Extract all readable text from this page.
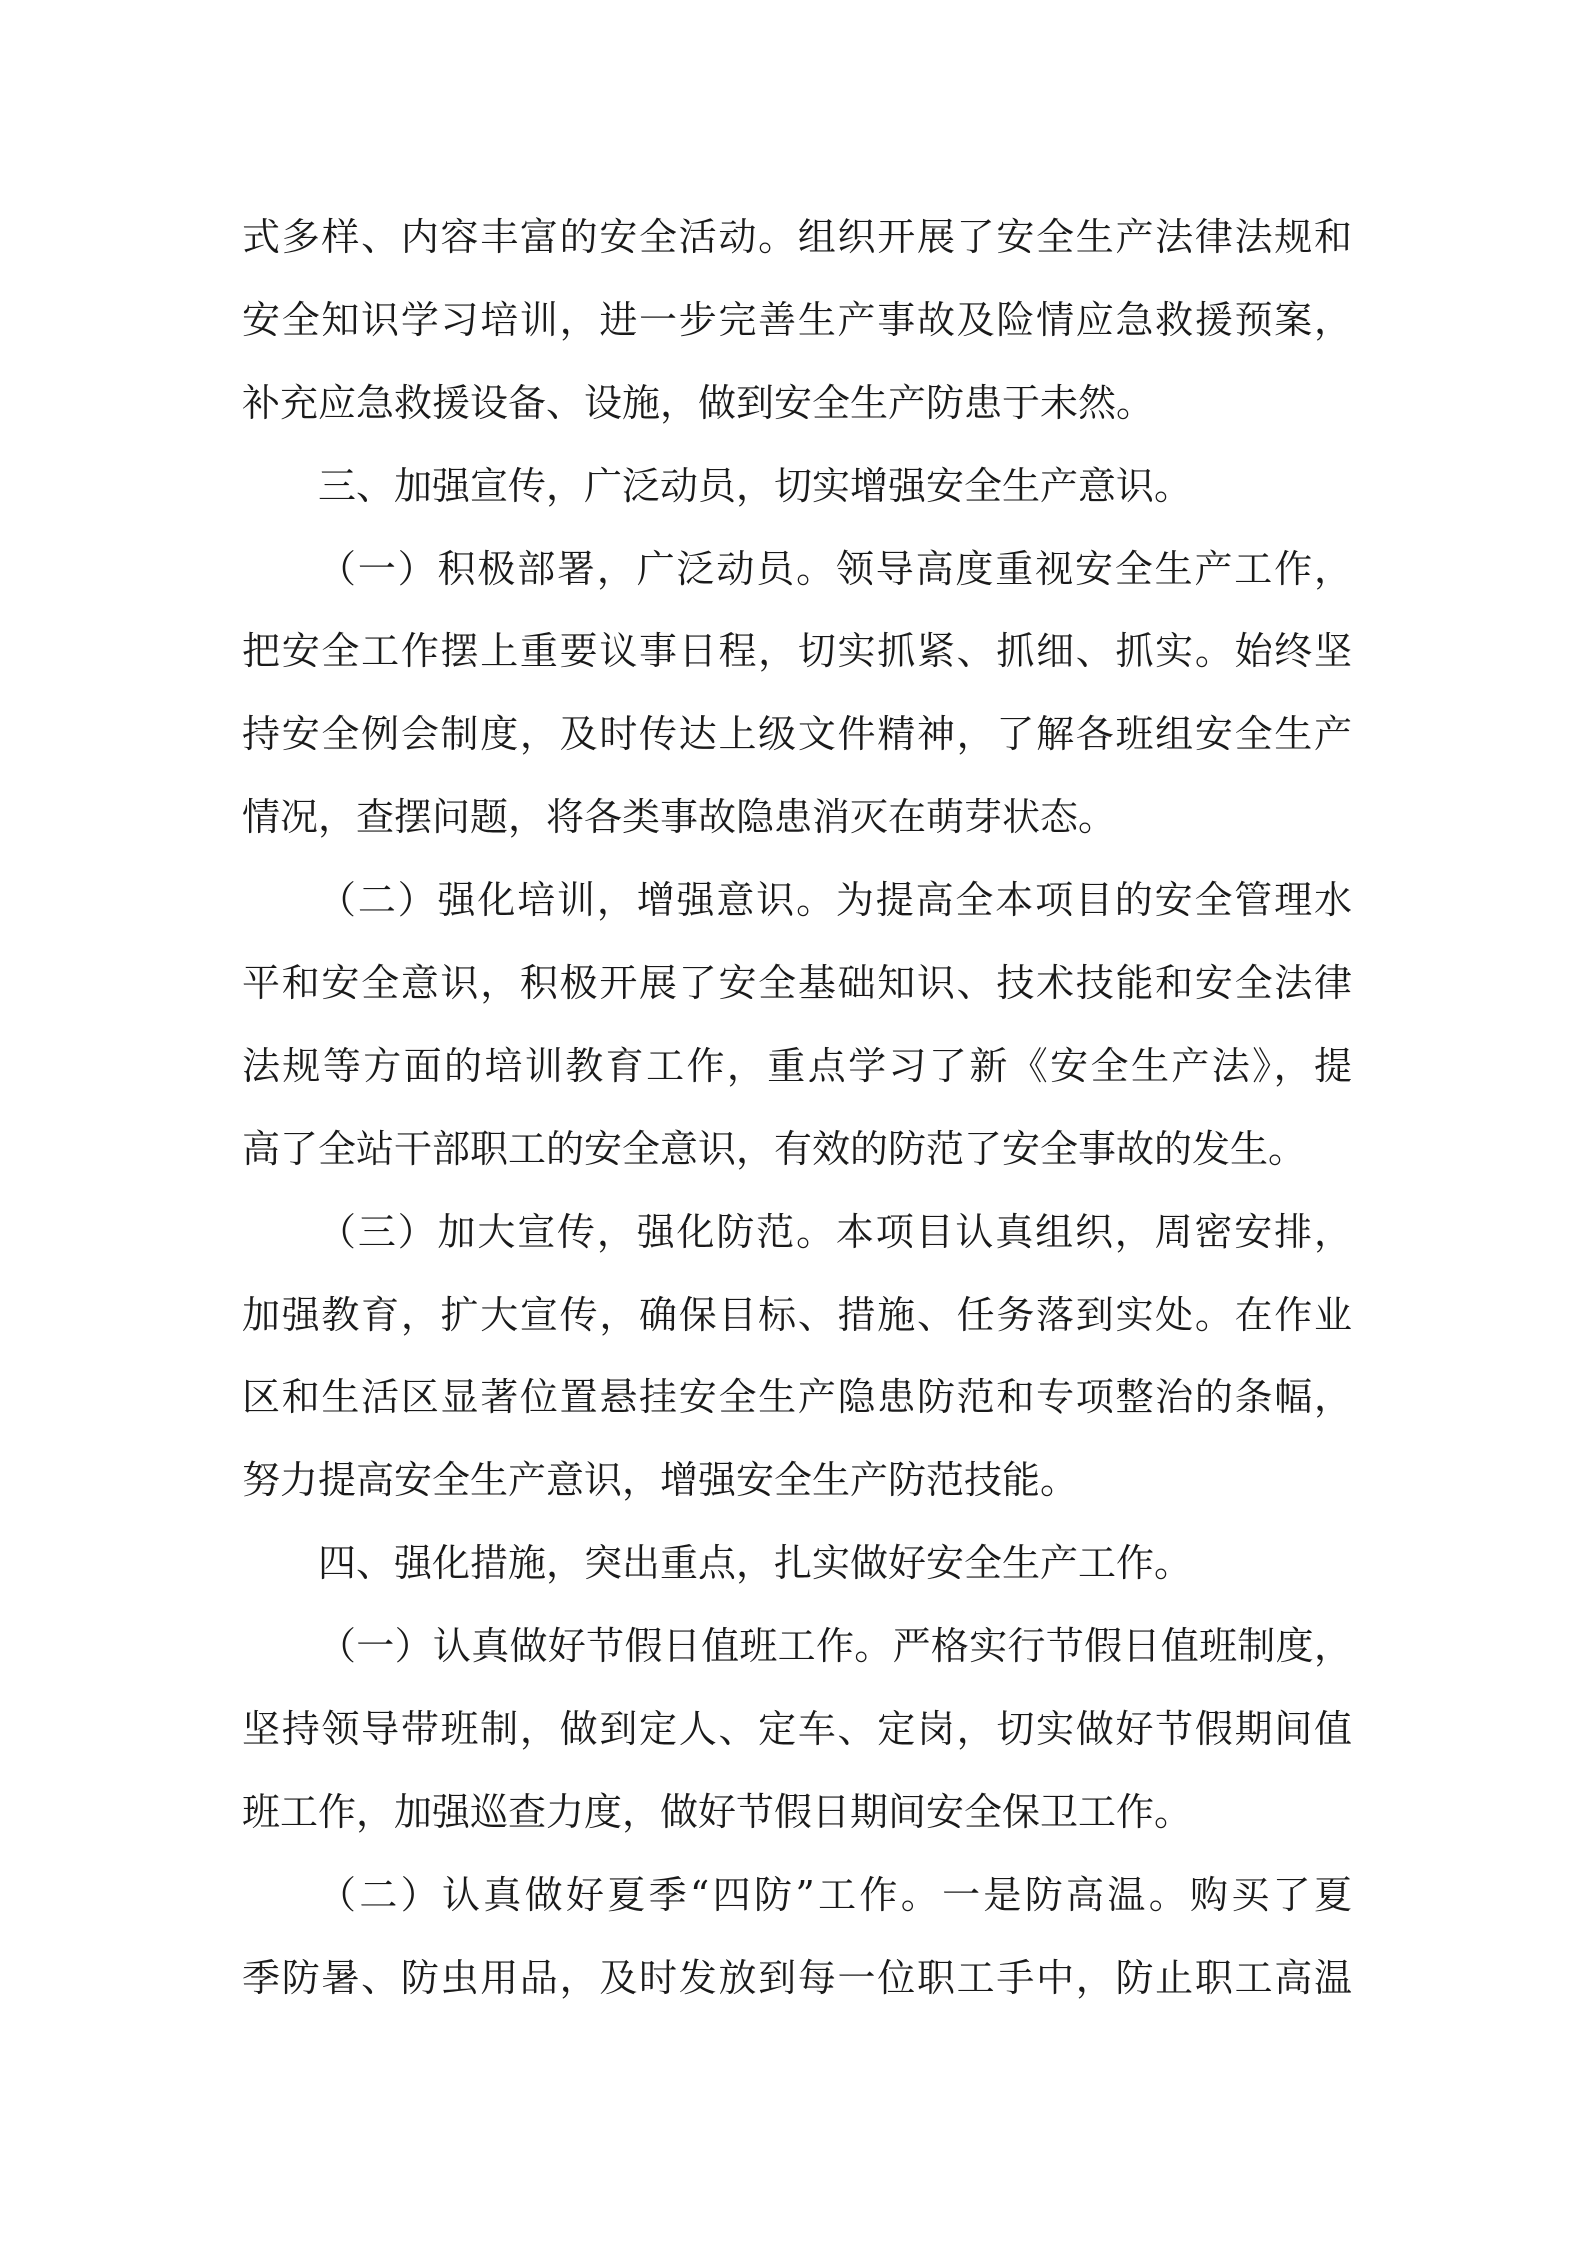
式多样、内容丰富的安全活动。组织开展了安全生产法律法规和
安全知识学习培训，进一步完善生产事故及险情应急救援预案，
补充应急救援设备、设施，做到安全生产防患于未然。
三、加强宣传，广泛动员，切实增强安全生产意识。
（一）积极部署，广泛动员。领导高度重视安全生产工作，
把安全工作摆上重要议事日程，切实抓紧、抓细、抓实。始终坚
持安全例会制度，及时传达上级文件精神，了解各班组安全生产
情况，查摆问题，将各类事故隐患消灭在萌芽状态。
（二）强化培训，增强意识。为提高全本项目的安全管理水
平和安全意识，积极开展了安全基础知识、技术技能和安全法律
法规等方面的培训教育工作，重点学习了新《安全生产法》，提
高了全站干部职工的安全意识，有效的防范了安全事故的发生。
（三）加大宣传，强化防范。本项目认真组织，周密安排，
加强教育，扩大宣传，确保目标、措施、任务落到实处。在作业
区和生活区显著位置悬挂安全生产隐患防范和专项整治的条幅，
努力提高安全生产意识，增强安全生产防范技能。
四、强化措施，突出重点，扎实做好安全生产工作。
（一）认真做好节假日值班工作。严格实行节假日值班制度，
坚持领导带班制，做到定人、定车、定岗，切实做好节假期间值
班工作，加强巡查力度，做好节假日期间安全保卫工作。
（二）认真做好夏季“四防”工作。一是防高温。购买了夏
季防暑、防虫用品，及时发放到每一位职工手中，防止职工高温
